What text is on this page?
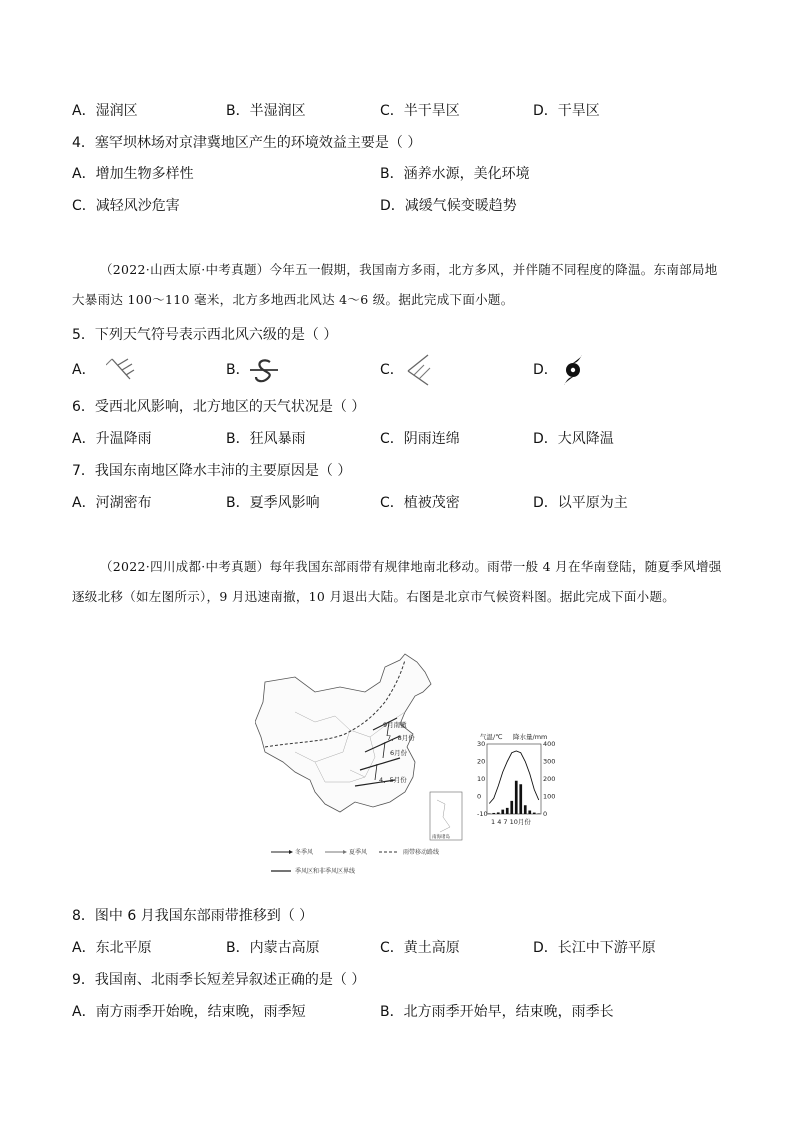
A．湿润区	B．半湿润区	C．半干旱区	D．干旱区
4．塞罕坝林场对京津冀地区产生的环境效益主要是（ ）
A．增加生物多样性	B．涵养水源，美化环境
C．减轻风沙危害	D．减缓气候变暖趋势
（2022·山西太原·中考真题）今年五一假期，我国南方多雨，北方多风，并伴随不同程度的降温。东南部局地大暴雨达 100～110 毫米，北方多地西北风达 4～6 级。据此完成下面小题。
5．下列天气符号表示西北风六级的是（ ）
A．	B．	C．	D．
6．受西北风影响，北方地区的天气状况是（ ）
A．升温降雨	B．狂风暴雨	C．阴雨连绵	D．大风降温
7．我国东南地区降水丰沛的主要原因是（ ）
A．河湖密布	B．夏季风影响	C．植被茂密	D．以平原为主
（2022·四川成都·中考真题）每年我国东部雨带有规律地南北移动。雨带一般 4 月在华南登陆，随夏季风增强逐级北移（如左图所示），9 月迅速南撤，10 月退出大陆。右图是北京市气候资料图。据此完成下面小题。
9月南撤
7、8月份
6月份
4、5月份
南海诸岛
冬季风	夏季风	雨带移动路线
季风区和非季风区界线
气温/℃ 降水量/mm
30
20
10
0
-10
400
300
200
100
0
1 4 7 10月份
8．图中 6 月我国东部雨带推移到（ ）
A．东北平原	B．内蒙古高原	C．黄土高原	D．长江中下游平原
9．我国南、北雨季长短差异叙述正确的是（ ）
A．南方雨季开始晚，结束晚，雨季短	B．北方雨季开始早，结束晚，雨季长
